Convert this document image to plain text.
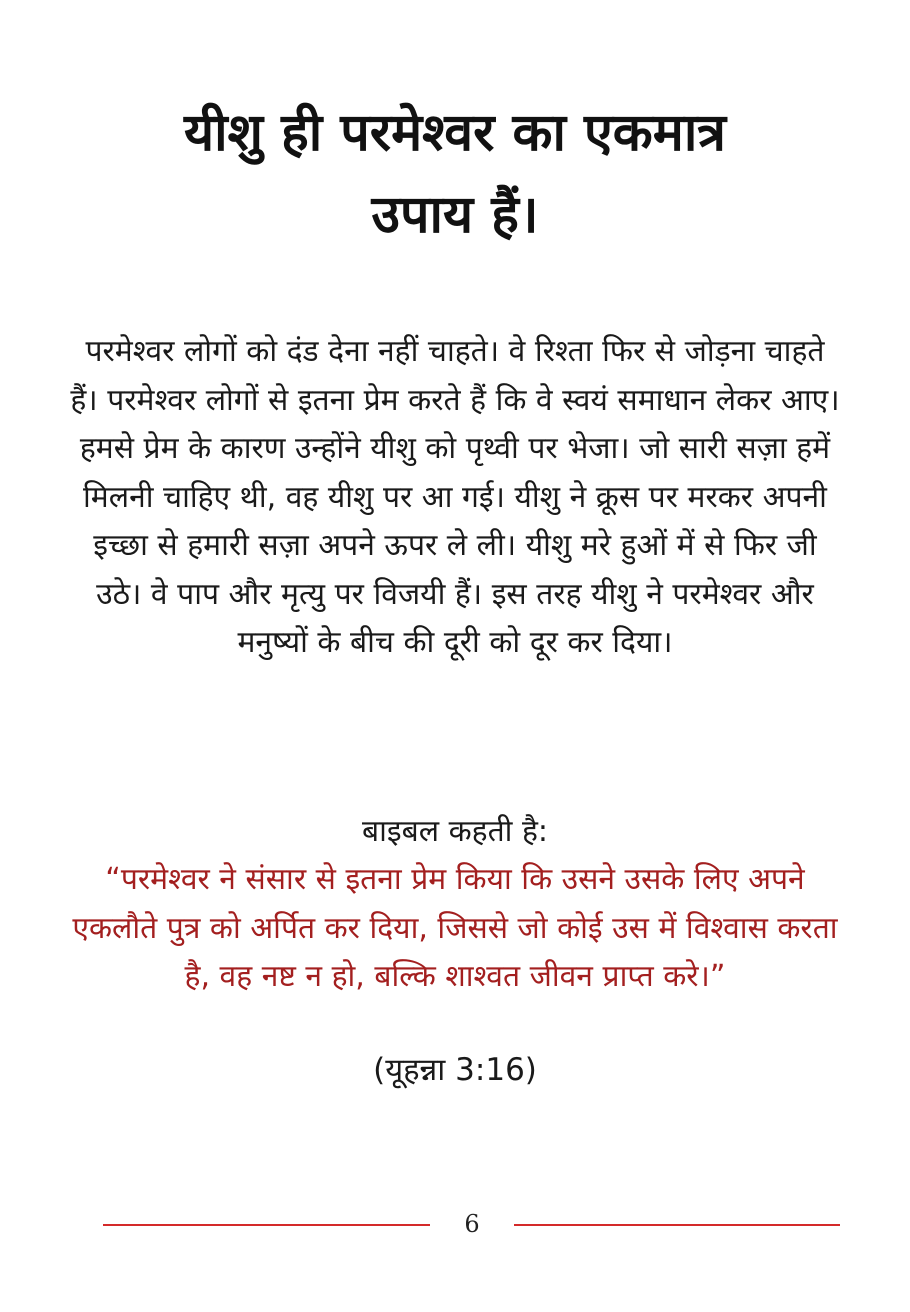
यीशु ही परमेश्वर का एकमात्र
उपाय हैं।

परमेश्वर लोगों को दंड देना नहीं चाहते। वे रिश्ता फिर से जोड़ना चाहते हैं। परमेश्वर लोगों से इतना प्रेम करते हैं कि वे स्वयं समाधान लेकर आए।

हमसे प्रेम के कारण उन्होंने यीशु को पृथ्वी पर भेजा। जो सारी सज़ा हमें मिलनी चाहिए थी, वह यीशु पर आ गई। यीशु ने क्रूस पर मरकर अपनी इच्छा से हमारी सज़ा अपने ऊपर ले ली। यीशु मरे हुओं में से फिर जी उठे। वे पाप और मृत्यु पर विजयी हैं। इस तरह यीशु ने परमेश्वर और मनुष्यों के बीच की दूरी को दूर कर दिया।

बाइबल कहती है:
“परमेश्वर ने संसार से इतना प्रेम किया कि उसने उसके लिए अपने एकलौते पुत्र को अर्पित कर दिया, जिससे जो कोई उस में विश्वास करता है, वह नष्ट न हो, बल्कि शाश्वत जीवन प्राप्त करे।”
(यूहन्ना 3:16)
6
